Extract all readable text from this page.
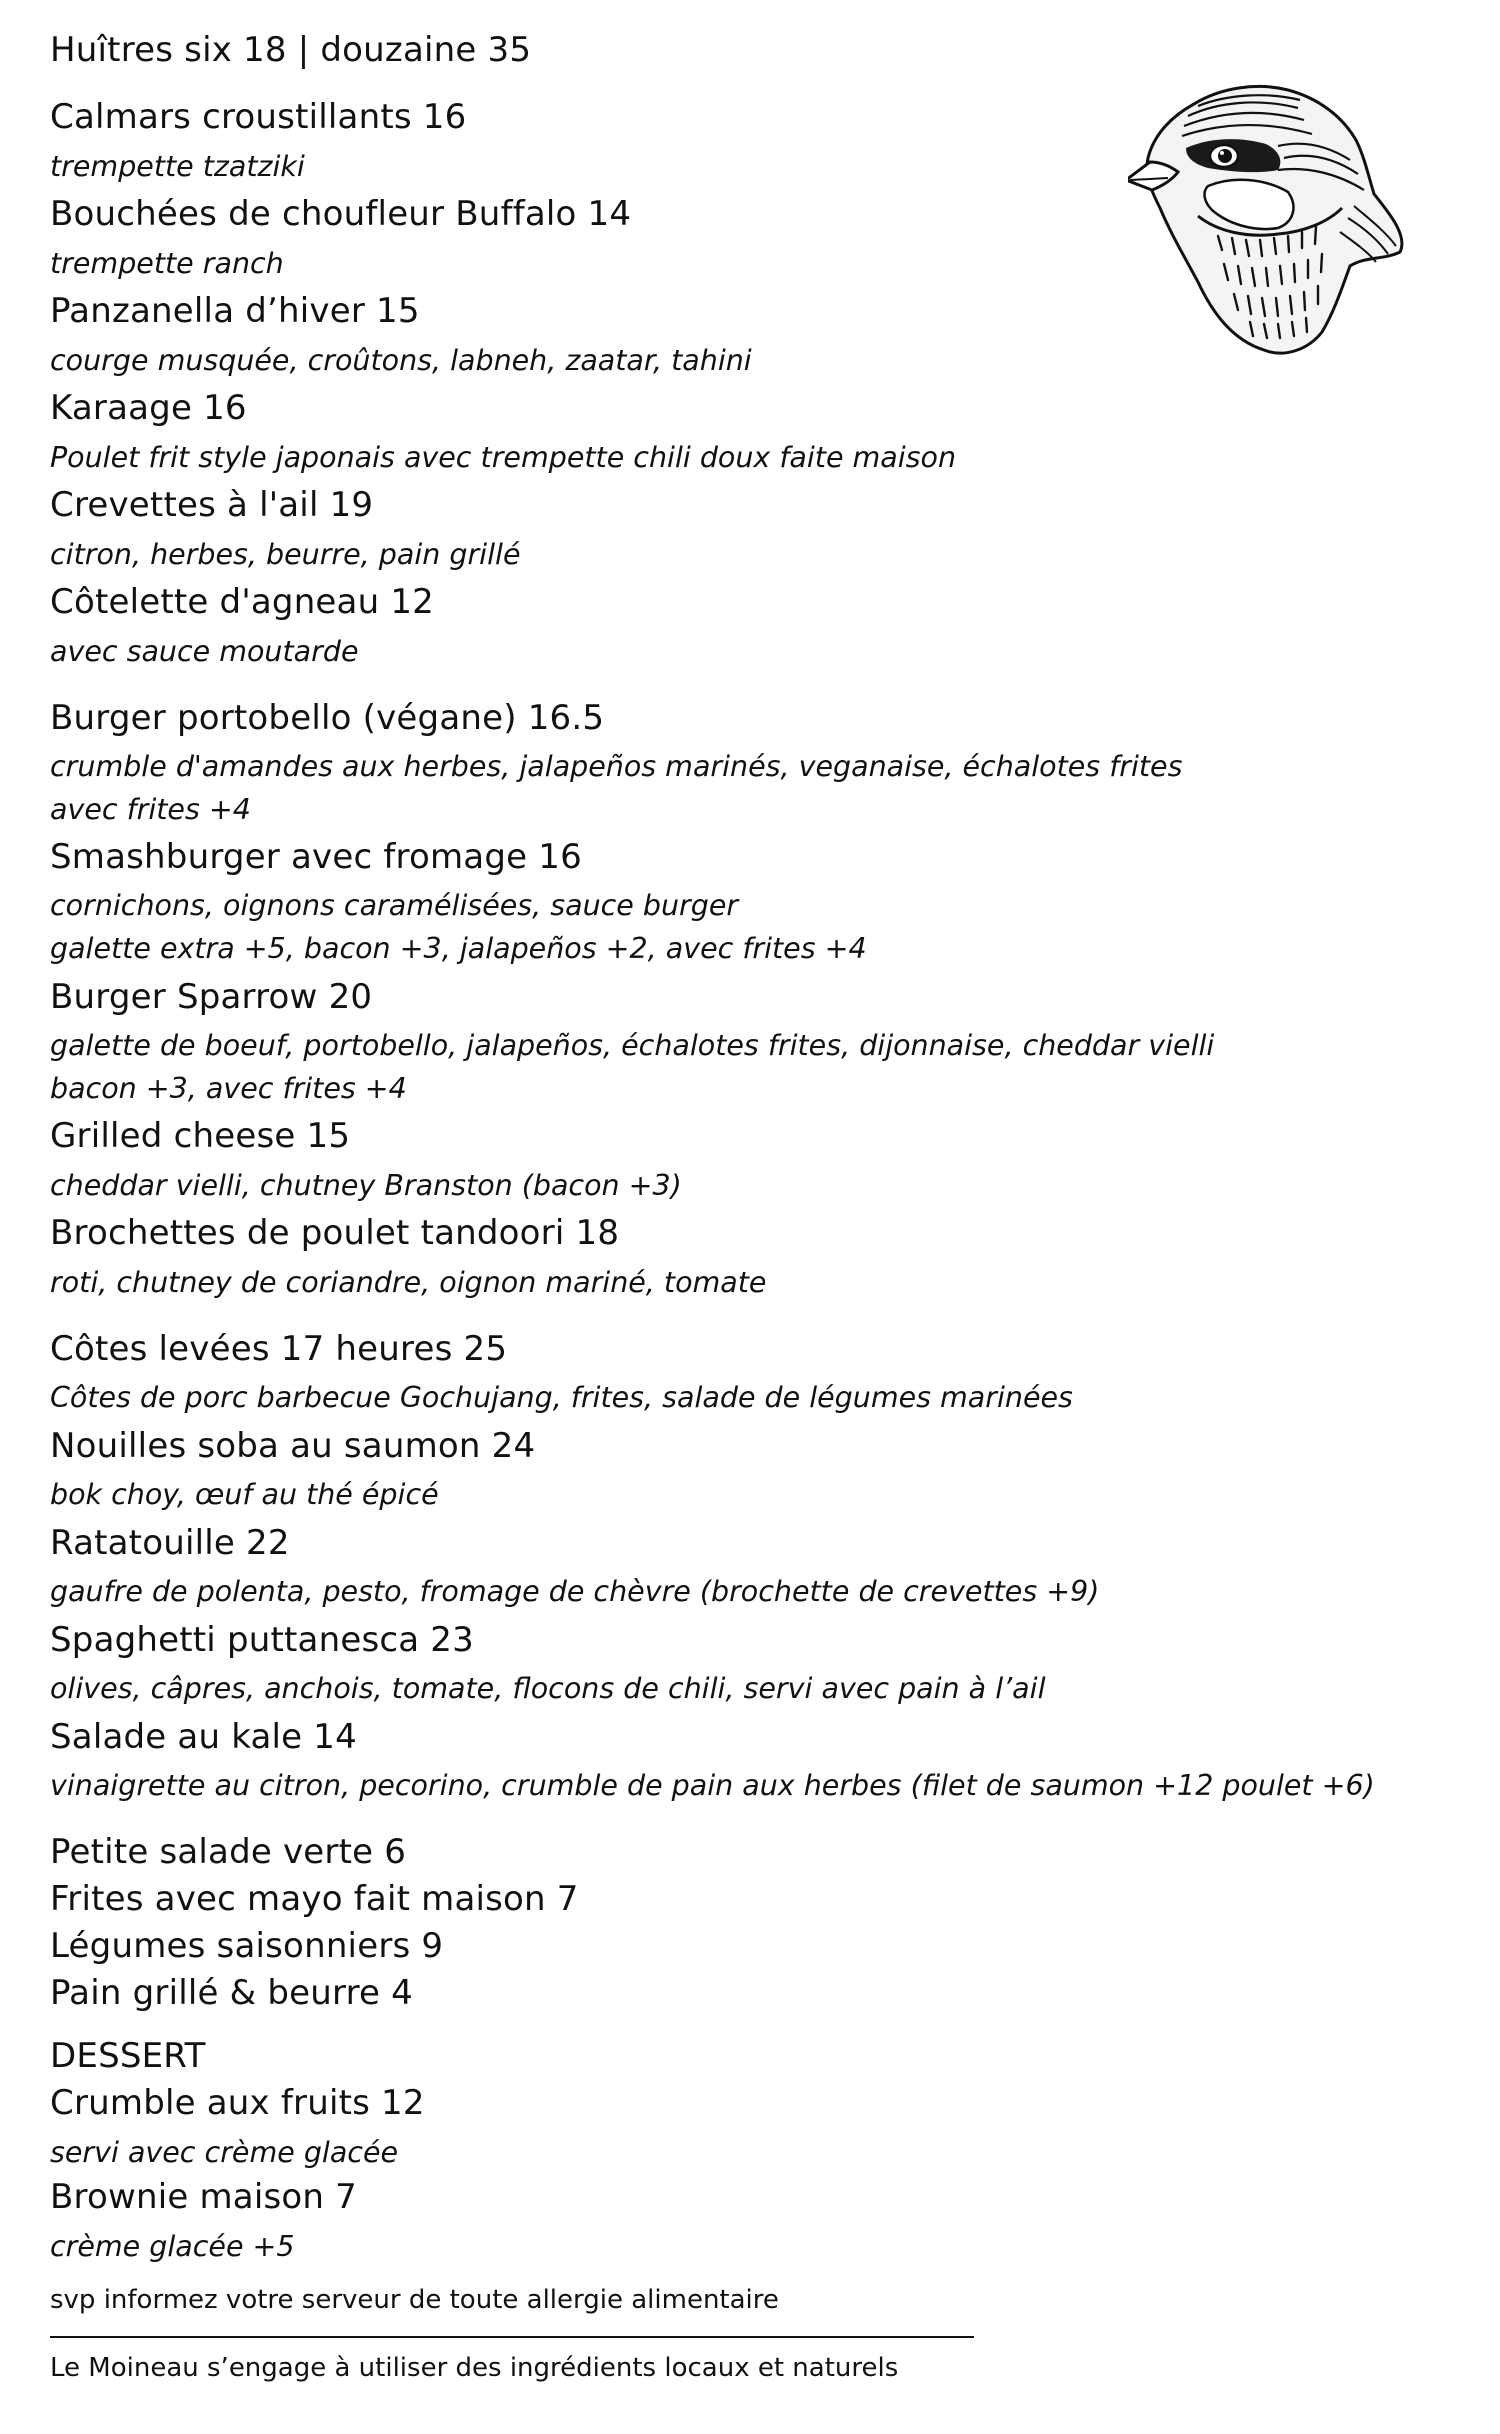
Huîtres six 18 | douzaine 35
Calmars croustillants 16
trempette tzatziki
Bouchées de choufleur Buffalo 14
trempette ranch
Panzanella d’hiver 15
courge musquée, croûtons, labneh, zaatar, tahini
Karaage 16
Poulet frit style japonais avec trempette chili doux faite maison
Crevettes à l'ail 19
citron, herbes, beurre, pain grillé
Côtelette d'agneau 12
avec sauce moutarde
Burger portobello (végane) 16.5
crumble d'amandes aux herbes, jalapeños marinés, veganaise, échalotes frites
avec frites +4
Smashburger avec fromage 16
cornichons, oignons caramélisées, sauce burger
galette extra +5, bacon +3, jalapeños +2, avec frites +4
Burger Sparrow 20
galette de boeuf, portobello, jalapeños, échalotes frites, dijonnaise, cheddar vielli
bacon +3, avec frites +4
Grilled cheese 15
cheddar vielli, chutney Branston (bacon +3)
Brochettes de poulet tandoori 18
roti, chutney de coriandre, oignon mariné, tomate
Côtes levées 17 heures 25
Côtes de porc barbecue Gochujang, frites, salade de légumes marinées
Nouilles soba au saumon 24
bok choy, œuf au thé épicé
Ratatouille 22
gaufre de polenta, pesto, fromage de chèvre (brochette de crevettes +9)
Spaghetti puttanesca 23
olives, câpres, anchois, tomate, flocons de chili, servi avec pain à l’ail
Salade au kale 14
vinaigrette au citron, pecorino, crumble de pain aux herbes (filet de saumon +12 poulet +6)
Petite salade verte 6
Frites avec mayo fait maison 7
Légumes saisonniers 9
Pain grillé & beurre 4
DESSERT
Crumble aux fruits 12
servi avec crème glacée
Brownie maison 7
crème glacée +5
svp informez votre serveur de toute allergie alimentaire
Le Moineau s’engage à utiliser des ingrédients locaux et naturels
